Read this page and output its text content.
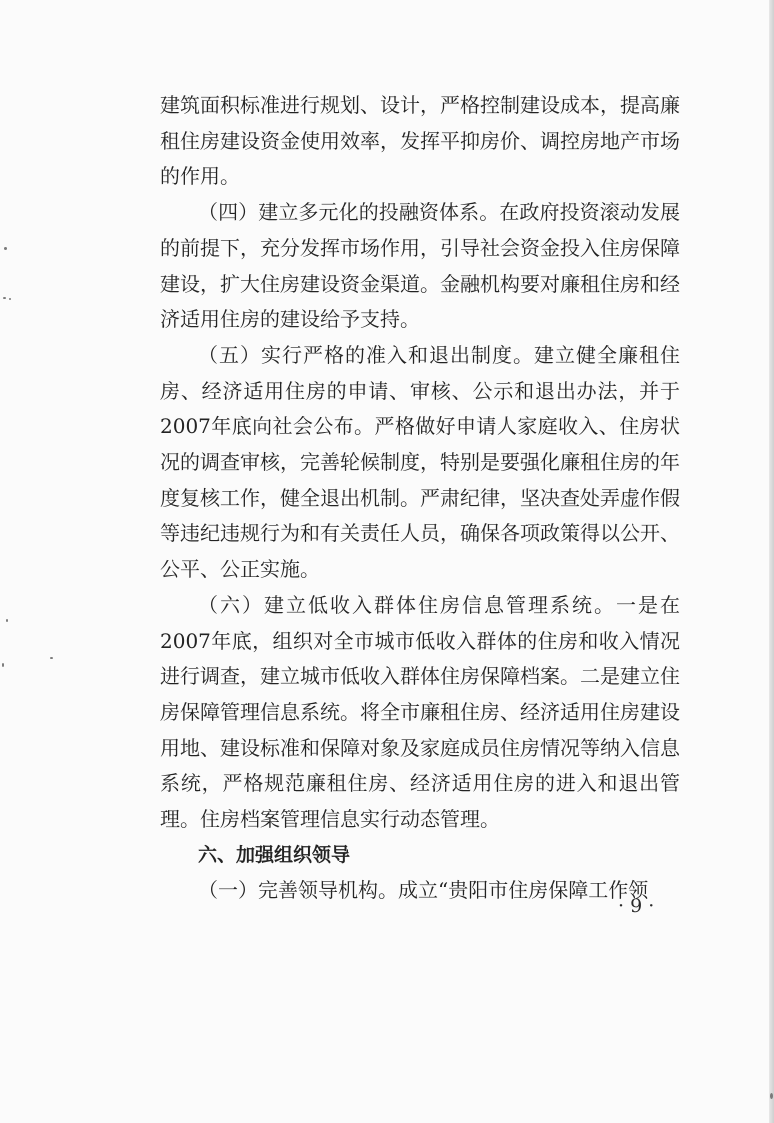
建筑面积标准进行规划、设计，严格控制建设成本，提高廉租住房建设资金使用效率，发挥平抑房价、调控房地产市场的作用。

（四）建立多元化的投融资体系。在政府投资滚动发展的前提下，充分发挥市场作用，引导社会资金投入住房保障建设，扩大住房建设资金渠道。金融机构要对廉租住房和经济适用住房的建设给予支持。

（五）实行严格的准入和退出制度。建立健全廉租住房、经济适用住房的申请、审核、公示和退出办法，并于2007年底向社会公布。严格做好申请人家庭收入、住房状况的调查审核，完善轮候制度，特别是要强化廉租住房的年度复核工作，健全退出机制。严肃纪律，坚决查处弄虚作假等违纪违规行为和有关责任人员，确保各项政策得以公开、公平、公正实施。

（六）建立低收入群体住房信息管理系统。一是在2007年底，组织对全市城市低收入群体的住房和收入情况进行调查，建立城市低收入群体住房保障档案。二是建立住房保障管理信息系统。将全市廉租住房、经济适用住房建设用地、建设标准和保障对象及家庭成员住房情况等纳入信息系统，严格规范廉租住房、经济适用住房的进入和退出管理。住房档案管理信息实行动态管理。

六、加强组织领导

（一）完善领导机构。成立“贵阳市住房保障工作领

· 9 ·
